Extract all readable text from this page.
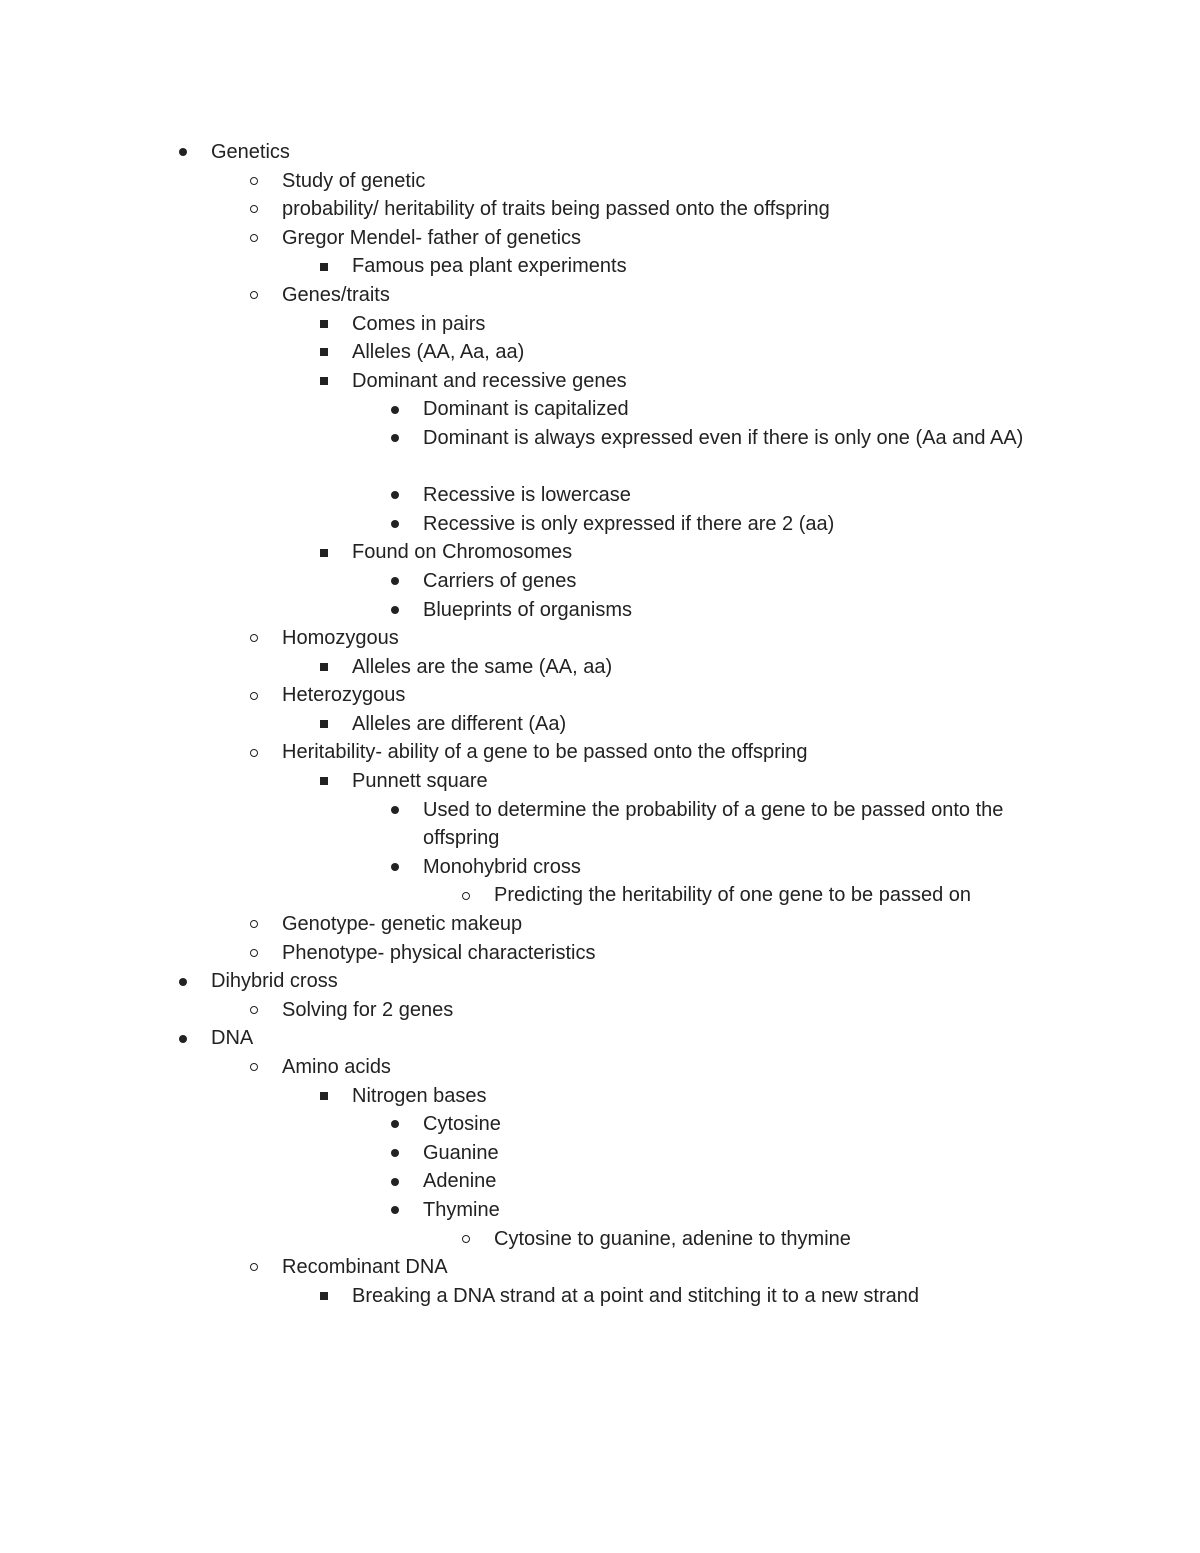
Genetics
Study of genetic
probability/ heritability of traits being passed onto the offspring
Gregor Mendel- father of genetics
Famous pea plant experiments
Genes/traits
Comes in pairs
Alleles (AA, Aa, aa)
Dominant and recessive genes
Dominant is capitalized
Dominant is always expressed even if there is only one (Aa and AA)
Recessive is lowercase
Recessive is only expressed if there are 2 (aa)
Found on Chromosomes
Carriers of genes
Blueprints of organisms
Homozygous
Alleles are the same (AA, aa)
Heterozygous
Alleles are different (Aa)
Heritability- ability of a gene to be passed onto the offspring
Punnett square
Used to determine the probability of a gene to be passed onto the offspring
Monohybrid cross
Predicting the heritability of one gene to be passed on
Genotype- genetic makeup
Phenotype- physical characteristics
Dihybrid cross
Solving for 2 genes
DNA
Amino acids
Nitrogen bases
Cytosine
Guanine
Adenine
Thymine
Cytosine to guanine, adenine to thymine
Recombinant DNA
Breaking a DNA strand at a point and stitching it to a new strand
